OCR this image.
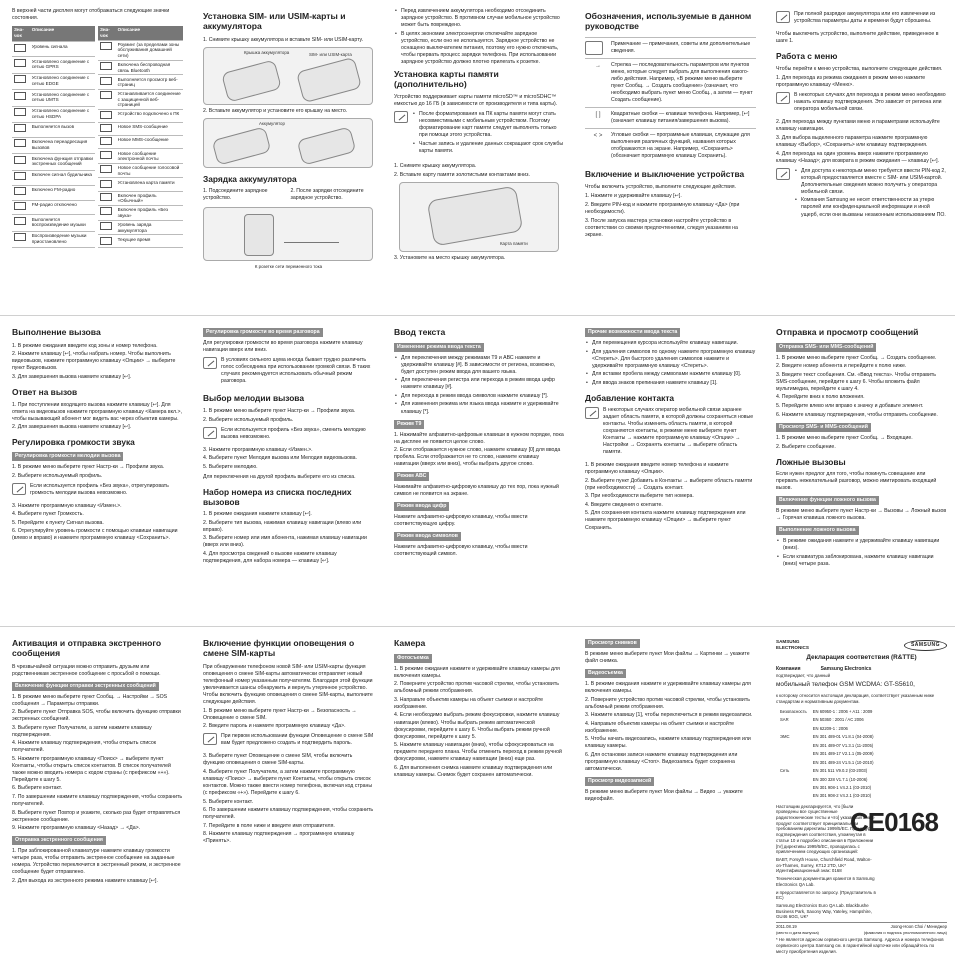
В верхней части дисплея могут отображаться следующие значки состояния.

Зна-чок	Описание
	Уровень сигнала
	Установлено соединение с сетью GPRS
	Установлено соединение с сетью EDGE
	Установлено соединение с сетью UMTS
	Установлено соединение с сетью HSDPA
	Выполняется вызов
	Включена переадресация вызовов
	Включена функция отправки экстренных сообщений
	Включен сигнал будильника
	Включено FM-радио
	FM-радио отключено
	Выполняется воспроизведение музыки
	Воспроизведение музыки приостановлено
Зна-чок	Описание
	Роуминг (за пределами зоны обслуживания домашней сети)
	Включена беспроводная связь Bluetooth
	Выполняется просмотр веб-страниц
	Устанавливается соединение с защищенной веб-страницей
	Устройство подключено к ПК
	Новое SMS-сообщение
	Новое MMS-сообщение
	Новое сообщение электронной почты
	Новое сообщение голосовой почты
	Установлена карта памяти
	Включен профиль «Обычный»
	Включен профиль «Без звука»
	Уровень заряда аккумулятора
	Текущее время
Установка SIM- или USIM-карты и аккумулятора

1. Снимите крышку аккумулятора и вставьте SIM- или USIM-карту.

Крышка аккумулятора	SIM- или USIM-карта

2. Вставьте аккумулятор и установите его крышку на место.

Аккумулятор
Зарядка аккумулятора

1. Подсоедините зарядное устройство.

2. После зарядки отсоедините зарядное устройство.

К розетке сети переменного тока

• Перед извлечением аккумулятора необходимо отсоединить зарядное устройство. В противном случае мобильное устройство может быть повреждено.
• В целях экономии электроэнергии отключайте зарядное устройство, если оно не используется. Зарядное устройство не оснащено выключателем питания, поэтому его нужно отключать, чтобы прервать процесс зарядки телефона. При использовании зарядное устройство должно плотно прилегать к розетке.
Установка карты памяти (дополнительно)

Устройство поддерживает карты памяти microSD™ и microSDHC™ емкостью до 16 ГБ (в зависимости от производителя и типа карты).

• После форматирования на ПК карты памяти могут стать несовместимыми с мобильным устройством. Поэтому форматирование карт памяти следует выполнять только при помощи этого устройства.
• Частые запись и удаление данных сокращают срок службы карты памяти.

1. Снимите крышку аккумулятора.

2. Вставьте карту памяти золотистыми контактами вниз.

Карта памяти

3. Установите на место крышку аккумулятора.

Обозначения, используемые в данном руководстве
Примечание — примечания, советы или дополнительные сведения.
→	Стрелка — последовательность параметров или пунктов меню, которые следует выбрать для выполнения какого-либо действия. Например, «В режиме меню выберите пункт Сообщ. → Создать сообщение» (означает, что необходимо выбрать пункт меню Сообщ., а затем — пункт Создать сообщение).
[ ]	Квадратные скобки — клавиши телефона. Например, [↩] (означает клавишу питания/завершения вызова).
< >	Угловые скобки — программные клавиши, служащие для выполнения различных функций, названия которых отображаются на экране. Например, <Сохранить> (обозначает программную клавишу Сохранить).
Включение и выключение устройства

Чтобы включить устройство, выполните следующие действия.

1. Нажмите и удерживайте клавишу [↩].

2. Введите PIN-код и нажмите программную клавишу <Да> (при необходимости).

3. После запуска мастера установки настройте устройство в соответствии со своими предпочтениями, следуя указаниям на экране.

При полной разрядке аккумулятора или его извлечении из устройства параметры даты и времени будут сброшены.

Чтобы выключить устройство, выполните действие, приведенное в шаге 1.

Работа с меню

Чтобы перейти к меню устройства, выполните следующие действия.

1. Для перехода из режима ожидания в режим меню нажмите программную клавишу <Меню>.

В некоторых случаях для перехода в режим меню необходимо нажать клавишу подтверждения. Это зависит от региона или оператора мобильной связи.

2. Для перехода между пунктами меню и параметрами используйте клавишу навигации.

3. Для выбора выделенного параметра нажмите программную клавишу <Выбор>, <Сохранить> или клавишу подтверждения.

4. Для перехода на один уровень вверх нажмите программную клавишу <Назад>; для возврата в режим ожидания — клавишу [↩].

• Для доступа к некоторым меню требуется ввести PIN-код 2, который предоставляется вместе с SIM- или USIM-картой. Дополнительные сведения можно получить у оператора мобильной связи.
• Компания Samsung не несет ответственности за утерю паролей или конфиденциальной информации и иной ущерб, если они вызваны незаконным использованием ПО.
Выполнение вызова
1. В режиме ожидания введите код зоны и номер телефона.
2. Нажмите клавишу [↩], чтобы набрать номер. Чтобы выполнить видеовызов, нажмите программную клавишу <Опции> → выберите пункт Видеовызов.
3. Для завершения вызова нажмите клавишу [↩].
Ответ на вызов
1. При поступлении входящего вызова нажмите клавишу [↩]. Для ответа на видеовызов нажмите программную клавишу <Камера вкл.>, чтобы вызывающий абонент мог видеть вас через объектив камеры.
2. Для завершения вызова нажмите клавишу [↩].
Регулировка громкости звука
Регулировка громкости мелодии вызова

1. В режиме меню выберите пункт Настр-ки → Профили звука.

2. Выберите используемый профиль.

Если используется профиль «Без звука», отрегулировать громкость мелодии вызова невозможно.

3. Нажмите программную клавишу <Измен.>.
4. Выберите пункт Громкость.
5. Перейдите к пункту Сигнал вызова.
6. Отрегулируйте уровень громкости с помощью клавиши навигации (влево и вправо) и нажмите программную клавишу <Сохранить>.
Регулировка громкости во время разговора

Для регулировки громкости во время разговора нажмите клавишу навигации вверх или вниз.

В условиях сильного шума иногда бывает трудно различить голос собеседника при использовании громкой связи. В таких случаях рекомендуется использовать обычный режим разговора.

Выбор мелодии вызова

1. В режиме меню выберите пункт Настр-ки → Профили звука.

2. Выберите используемый профиль.

Если используется профиль «Без звука», сменить мелодию вызова невозможно.

3. Нажмите программную клавишу <Измен.>.
4. Выберите пункт Мелодия вызова или Мелодия видеовызова.
5. Выберите мелодию.

Для переключения на другой профиль выберите его из списка.

Набор номера из списка последних вызовов
1. В режиме ожидания нажмите клавишу [↩].
2. Выберите тип вызова, нажимая клавишу навигации (влево или вправо).
3. Выберите номер или имя абонента, нажимая клавишу навигации (вверх или вниз).
4. Для просмотра сведений о вызове нажмите клавишу подтверждения, для набора номера — клавишу [↩].
Ввод текста
Изменение режима ввода текста
• Для переключения между режимами T9 и АВС нажмите и удерживайте клавишу [#]. В зависимости от региона, возможно, будет доступен режим ввода для вашего языка.
• Для переключения регистра или перехода в режим ввода цифр нажмите клавишу [#].
• Для перехода в режим ввода символов нажмите клавишу [*].
• Для изменения режима или языка ввода нажмите и удерживайте клавишу [*].
Режим T9
1. Нажимайте алфавитно-цифровые клавиши в нужном порядке, пока на дисплее не появится целое слово.
2. Если отображается нужное слово, нажмите клавишу [0] для ввода пробела. Если отображается не то слово, нажмите клавишу навигации (вверх или вниз), чтобы выбрать другое слово.
Режим АВС

Нажимайте алфавитно-цифровую клавишу до тех пор, пока нужный символ не появится на экране.

Режим ввода цифр

Нажмите алфавитно-цифровую клавишу, чтобы ввести соответствующую цифру.

Режим ввода символов

Нажмите алфавитно-цифровую клавишу, чтобы ввести соответствующий символ.

Прочие возможности ввода текста
• Для перемещения курсора используйте клавишу навигации.
• Для удаления символов по одному нажмите программную клавишу <Стереть>. Для быстрого удаления символов нажмите и удерживайте программную клавишу <Стереть>.
• Для вставки пробела между символами нажмите клавишу [0].
• Для ввода знаков препинания нажмите клавишу [1].
Добавление контакта

В некоторых случаях оператор мобильной связи заранее задает область памяти, в которой должны сохраняться новые контакты. Чтобы изменить область памяти, в которой сохраняются контакты, в режиме меню выберите пункт Контакты → нажмите программную клавишу <Опции> → Настройки → Сохранять контакты → выберите область памяти.

1. В режиме ожидания введите номер телефона и нажмите программную клавишу <Опции>.
2. Выберите пункт Добавить в Контакты → выберите область памяти (при необходимости) → Создать контакт.
3. При необходимости выберите тип номера.
4. Введите сведения о контакте.
5. Для сохранения контакта нажмите клавишу подтверждения или нажмите программную клавишу <Опции> → выберите пункт Сохранить.
Отправка и просмотр сообщений
Отправка SMS- или MMS-сообщений
1. В режиме меню выберите пункт Сообщ. → Создать сообщение.
2. Введите номер абонента и перейдите к полю ниже.
3. Введите текст сообщения. См. «Ввод текста». Чтобы отправить SMS-сообщение, перейдите к шагу 6. Чтобы вложить файл мультимедиа, перейдите к шагу 4.
4. Перейдите вниз к полю вложения.
5. Перейдите влево или вправо к значку и добавьте элемент.
6. Нажмите клавишу подтверждения, чтобы отправить сообщение.
Просмотр SMS- и MMS-сообщений

1. В режиме меню выберите пункт Сообщ. → Входящие.

2. Выберите сообщение.

Ложные вызовы

Если нужен предлог для того, чтобы покинуть совещание или прервать нежелательный разговор, можно имитировать входящий вызов.

Включение функции ложного вызова

В режиме меню выберите пункт Настр-ки → Вызовы → Ложный вызов → Горячая клавиша ложного вызова.

Выполнение ложного вызова
• В режиме ожидания нажмите и удерживайте клавишу навигации (вниз).
• Если клавиатура заблокирована, нажмите клавишу навигации (вниз) четыре раза.
Активация и отправка экстренного сообщения

В чрезвычайной ситуации можно отправить друзьям или родственникам экстренное сообщение с просьбой о помощи.

Включение функции отправки экстренных сообщений
1. В режиме меню выберите пункт Сообщ. → Настройки → SOS сообщения → Параметры отправки.
2. Выберите пункт Отправка SOS, чтобы включить функцию отправки экстренных сообщений.
3. Выберите пункт Получатели, а затем нажмите клавишу подтверждения.
4. Нажмите клавишу подтверждения, чтобы открыть список получателей.
5. Нажмите программную клавишу <Поиск> → выберите пункт Контакты, чтобы открыть список контактов. В список получателей также можно вводить номера с кодом страны (с префиксом «+»). Перейдите к шагу 5.
6. Выберите контакт.
7. По завершении нажмите клавишу подтверждения, чтобы сохранить получателей.
8. Выберите пункт Повтор и укажите, сколько раз будет отправляться экстренное сообщение.
9. Нажмите программную клавишу <Назад> → <Да>.
Отправка экстренного сообщения
1. При заблокированной клавиатуре нажмите клавишу громкости четыре раза, чтобы отправить экстренное сообщение на заданные номера. Устройство переключится в экстренный режим, и экстренное сообщение будет отправлено.
2. Для выхода из экстренного режима нажмите клавишу [↩].
Включение функции оповещения о смене SIM-карты

При обнаружении телефоном новой SIM- или USIM-карты функция оповещения о смене SIM-карты автоматически отправляет новый телефонный номер указанным получателям. Благодаря этой функции увеличивается шансы обнаружить и вернуть утерянное устройство. Чтобы включить функцию оповещения о смене SIM-карты, выполните следующие действия.

1. В режиме меню выберите пункт Настр-ки → Безопасность → Оповещение о смене SIM.
2. Введите пароль и нажмите программную клавишу <Да>.

При первом использовании функции Оповещение о смене SIM вам будет предложено создать и подтвердить пароль.

3. Выберите пункт Оповещение о смене SIM, чтобы включить функцию оповещения о смене SIM-карты.
4. Выберите пункт Получатели, а затем нажмите программную клавишу <Поиск> → выберите пункт Контакты, чтобы открыть список контактов. Можно также ввести номер телефона, включая код страны (с префиксом «+»). Перейдите к шагу 6.
5. Выберите контакт.
6. По завершении нажмите клавишу подтверждения, чтобы сохранить получателей.
7. Перейдите в поле ниже и введите имя отправителя.
8. Нажмите клавишу подтверждения → программную клавишу <Принять>.
Камера
Фотосъемка
1. В режиме ожидания нажмите и удерживайте клавишу камеры для включения камеры.
2. Поверните устройство против часовой стрелки, чтобы установить альбомный режим отображения.
3. Направьте объектив камеры на объект съемки и настройте изображение.
4. Если необходимо выбрать режим фокусировки, нажмите клавишу навигации (влево). Чтобы выбрать режим автоматической фокусировки, перейдите к шагу 6. Чтобы выбрать режим ручной фокусировки, перейдите к шагу 5.
5. Нажмите клавишу навигации (вниз), чтобы сфокусироваться на предмете переднего плана. Чтобы отменить переход в режим ручной фокусировки, нажмите клавишу навигации (вниз) еще раз.
6. Для выполнения снимка нажмите клавишу подтверждения или клавишу камеры. Снимок будет сохранен автоматически.
Просмотр снимков

В режиме меню выберите пункт Мои файлы → Картинки → укажите файл снимка.

Видеосъемка
1. В режиме ожидания нажмите и удерживайте клавишу камеры для включения камеры.
2. Поверните устройство против часовой стрелки, чтобы установить альбомный режим отображения.
3. Нажмите клавишу [1], чтобы переключиться в режим видеозаписи.
4. Направьте объектив камеры на объект съемки и настройте изображение.
5. Чтобы начать видеозапись, нажмите клавишу подтверждения или клавишу камеры.
6. Для остановки записи нажмите клавишу подтверждения или программную клавишу <Стоп>. Видеозапись будет сохранена автоматически.
Просмотр видеозаписей

В режиме меню выберите пункт Мои файлы → Видео → укажите видеофайл.

SAMSUNG ELECTRONICS	SAMSUNG

Декларация соответствия (R&TTE)

Компания	Samsung Electronics

подтверждает, что данный

мобильный телефон GSM WCDMA: GT-S5610,

к которому относится настоящая декларация, соответствует указанным ниже стандартам и нормативным документам.

Безопасность	EN 60950-1 : 2006 + A11 : 2009
SAR	EN 50360 : 2001 / AC 2006
	EN 62209-1 : 2006
ЭМС	EN 301 489-01 V1.8.1 (04-2008)
	EN 301 489-07 V1.3.1 (11-2005)
	EN 301 489-17 V2.1.1 (05-2009)
	EN 301 489-24 V1.5.1 (10-2010)
Сеть	EN 301 511 V9.0.2 (03-2003)
	EN 300 328 V1.7.1 (10-2006)
	EN 301 908-1 V4.2.1 (03-2010)
	EN 301 908-2 V4.2.1 (03-2010)

Настоящим декларируется, что [были проведены все существенные радиотехнические тесты и что] указанный выше продукт соответствует принципиальным требованиям директивы 1999/5/EC. Процедура подтверждения соответствия, упомянутая в статье 10 и подробно описанная в Приложении [IV] директивы 1999/5/EC, проводилась с привлечением следующих организаций:

BABT, Forsyth House, Churchfield Road, Walton-on-Thames, Surrey, KT12 2TD, UK* Идентификационный знак: 0168

CE0168

Техническая документация хранится в Samsung Electronics QA Lab.

и предоставляется по запросу. (Представитель в ЕС)

Samsung Electronics Euro QA Lab. Blackbushe Business Park, Saxony Way, Yateley, Hampshire, GU46 6GG, UK*

2011.08.19	Joong-Hoon Choi / Менеджер
(место и дата выпуска)	(фамилия и подпись уполномоченного лица)

* Не является адресом сервисного центра Samsung. Адреса и номера телефонов сервисного центра Samsung см. в гарантийной карточке или обращайтесь по месту приобретения изделия.
